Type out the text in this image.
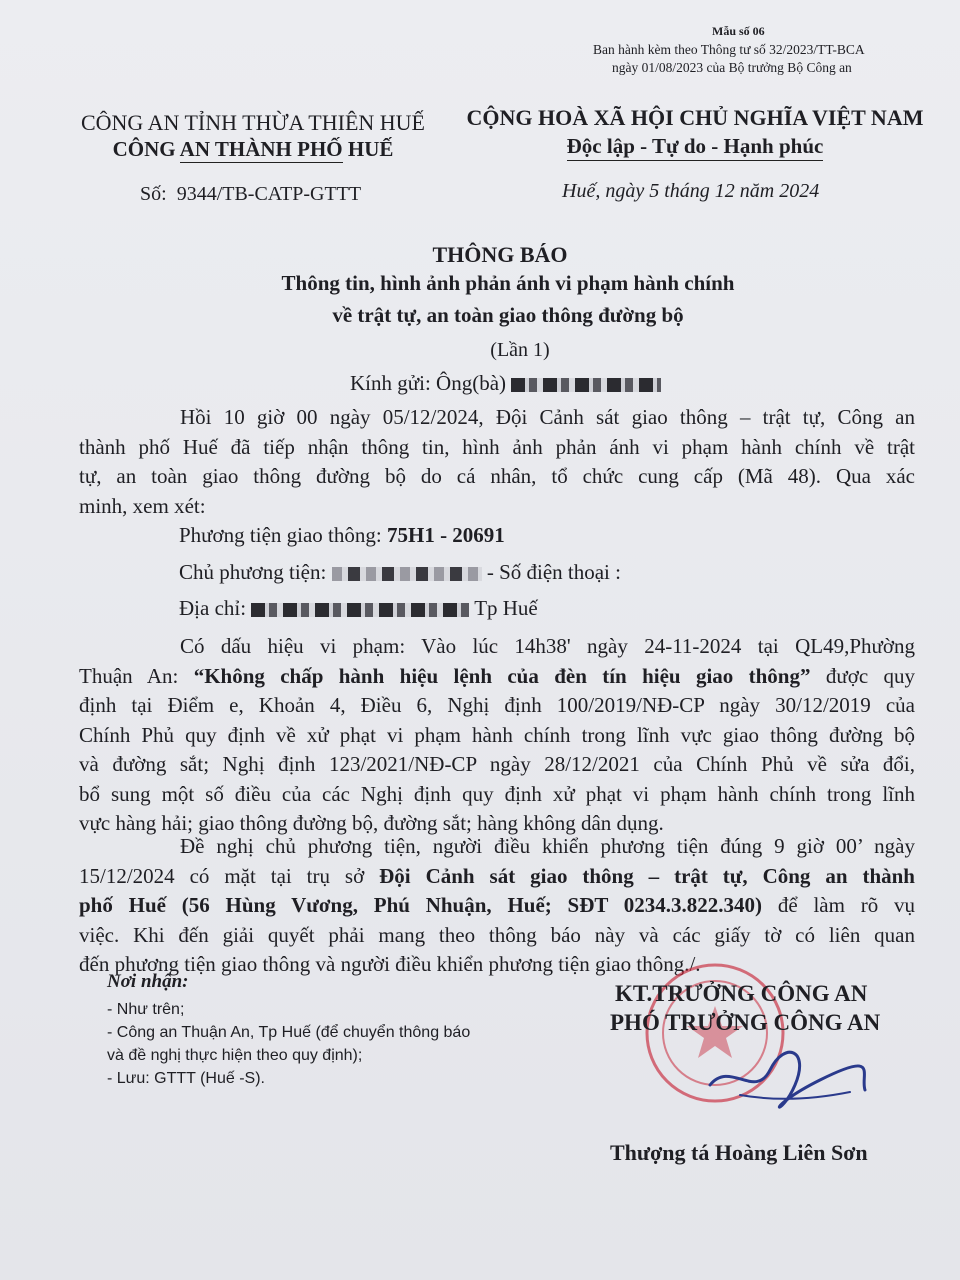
Mẫu số 06
Ban hành kèm theo Thông tư số 32/2023/TT-BCA
ngày 01/08/2023 của Bộ trưởng Bộ Công an
CÔNG AN TỈNH THỪA THIÊN HUẾ
CÔNG AN THÀNH PHỐ HUẾ
CỘNG HOÀ XÃ HỘI CHỦ NGHĨA VIỆT NAM
Độc lập - Tự do - Hạnh phúc
Số: 9344/TB-CATP-GTTT	Huế, ngày 5 tháng 12 năm 2024
THÔNG BÁO
Thông tin, hình ảnh phản ánh vi phạm hành chính
về trật tự, an toàn giao thông đường bộ
(Lần 1)
Kính gửi: Ông(bà)
Hồi 10 giờ 00 ngày 05/12/2024, Đội Cảnh sát giao thông – trật tự, Công an
thành phố Huế đã tiếp nhận thông tin, hình ảnh phản ánh vi phạm hành chính về trật
tự, an toàn giao thông đường bộ do cá nhân, tổ chức cung cấp (Mã 48). Qua xác
minh, xem xét:
Phương tiện giao thông: 75H1 - 20691
Chủ phương tiện:	- Số điện thoại :
Địa chỉ:	Tp Huế
Có dấu hiệu vi phạm: Vào lúc 14h38' ngày 24-11-2024 tại QL49,Phường
Thuận An: “Không chấp hành hiệu lệnh của đèn tín hiệu giao thông” được quy
định tại Điểm e, Khoản 4, Điều 6, Nghị định 100/2019/NĐ-CP ngày 30/12/2019 của
Chính Phủ quy định về xử phạt vi phạm hành chính trong lĩnh vực giao thông đường bộ
và đường sắt; Nghị định 123/2021/NĐ-CP ngày 28/12/2021 của Chính Phủ về sửa đổi,
bổ sung một số điều của các Nghị định quy định xử phạt vi phạm hành chính trong lĩnh
vực hàng hải; giao thông đường bộ, đường sắt; hàng không dân dụng.
Đề nghị chủ phương tiện, người điều khiển phương tiện đúng 9 giờ 00’ ngày
15/12/2024 có mặt tại trụ sở Đội Cảnh sát giao thông – trật tự, Công an thành
phố Huế (56 Hùng Vương, Phú Nhuận, Huế; SĐT 0234.3.822.340) để làm rõ vụ
việc. Khi đến giải quyết phải mang theo thông báo này và các giấy tờ có liên quan
đến phương tiện giao thông và người điều khiển phương tiện giao thông./.
Nơi nhận:
- Như trên;
- Công an Thuận An, Tp Huế (để chuyển thông báo
và đề nghị thực hiện theo quy định);
- Lưu: GTTT (Huế -S).
KT.TRƯỞNG CÔNG AN
PHÓ TRƯỞNG CÔNG AN
Thượng tá Hoàng Liên Sơn
